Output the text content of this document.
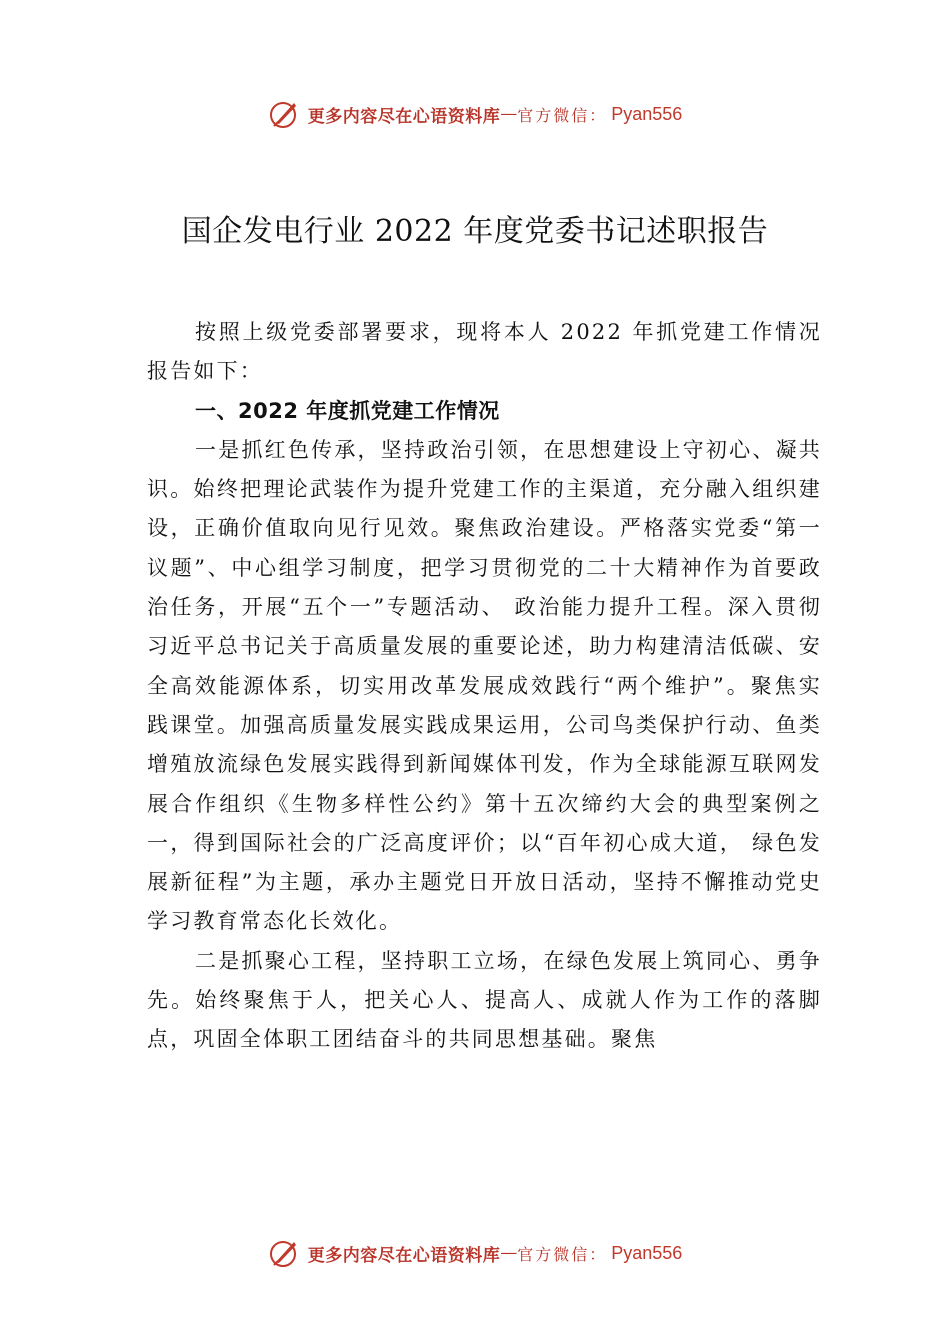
更多内容尽在心语资料库 — 官方微信： Pyan556
国企发电行业 2022 年度党委书记述职报告

按照上级党委部署要求，现将本人 2022 年抓党建工作情况报告如下：

一、2022 年度抓党建工作情况

一是抓红色传承，坚持政治引领，在思想建设上守初心、凝共识。始终把理论武装作为提升党建工作的主渠道，充分融入组织建设，正确价值取向见行见效。聚焦政治建设。严格落实党委“第一议题”、中心组学习制度，把学习贯彻党的二十大精神作为首要政治任务，开展“五个一”专题活动、 政治能力提升工程。深入贯彻习近平总书记关于高质量发展的重要论述，助力构建清洁低碳、安全高效能源体系，切实用改革发展成效践行“两个维护”。聚焦实践课堂。加强高质量发展实践成果运用，公司鸟类保护行动、鱼类增殖放流绿色发展实践得到新闻媒体刊发，作为全球能源互联网发展合作组织《生物多样性公约》第十五次缔约大会的典型案例之一，得到国际社会的广泛高度评价；以“百年初心成大道， 绿色发展新征程”为主题，承办主题党日开放日活动，坚持不懈推动党史学习教育常态化长效化。

二是抓聚心工程，坚持职工立场，在绿色发展上筑同心、勇争先。始终聚焦于人，把关心人、提高人、成就人作为工作的落脚点，巩固全体职工团结奋斗的共同思想基础。聚焦

更多内容尽在心语资料库 — 官方微信： Pyan556
